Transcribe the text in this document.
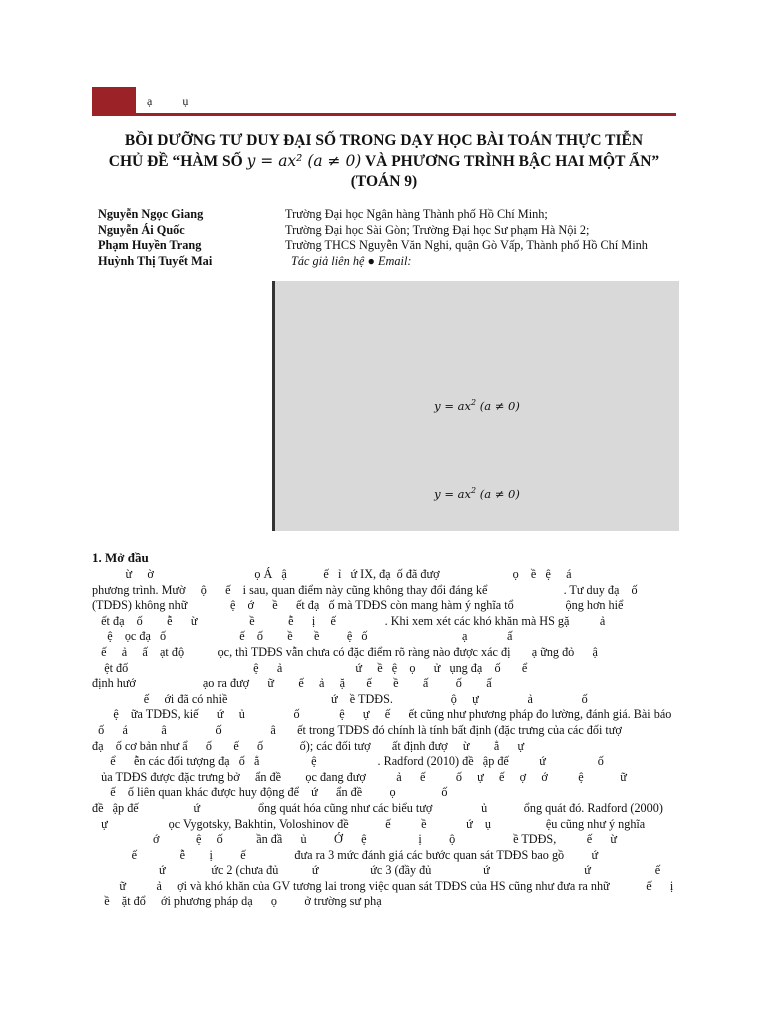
ạ          ụ
BỒI DƯỠNG TƯ DUY ĐẠI SỐ TRONG DẠY HỌC BÀI TOÁN THỰC TIỄN
CHỦ ĐỀ “HÀM SỐ y = ax² (a ≠ 0) VÀ PHƯƠNG TRÌNH BẬC HAI MỘT ẨN”
(TOÁN 9)
Nguyễn Ngọc Giang	Trường Đại học Ngân hàng Thành phố Hồ Chí Minh;
Nguyễn Ái Quốc	Trường Đại học Sài Gòn; Trường Đại học Sư phạm Hà Nội 2;
Phạm Huyền Trang	Trường THCS Nguyễn Văn Nghi, quận Gò Vấp, Thành phố Hồ Chí Minh
Huỳnh Thị Tuyết Mai	Tác giả liên hệ ● Email:
$y = ax^2$ (a ≠ 0)
$y = ax^2$ (a ≠ 0)
1. Mở đầu
ừ     ờ                                 ọ Á   ậ            ế   ỉ   ứ IX, đạ  ố đã đượ                        ọ    ề   ệ     á
phương trình. Mườ     ộ      ế    i sau, quan điểm này cũng không thay đổi đáng kể                         . Tư duy đạ    ố
(TDĐS) không nhữ              ệ    ớ      ề      ết đạ   ố mà TDĐS còn mang hàm ý nghĩa tổ                 ộng hơn hiể
ết đạ    ố        ễ      ừ                 ề           ễ      ị     ế                . Khi xem xét các khó khăn mà HS gặ          ả
ệ    ọc đạ   ố                        ế    ố        ề       ề         ệ   ố                               ạ             ấ
ế     ả     ấ    ạt độ           ọc, thì TDĐS vẫn chưa có đặc điểm rõ ràng nào được xác đị       ạ ững đỏ      ậ
ệt đố                                         ệ      ả                        ứ     ề   ệ    ọ      ử   ụng đạ    ố       ể
định hướ                      ạo ra đượ      ữ        ế     ả     ặ       ế       ề        ấ         ố        ấ
ế     ới đã có nhiề                                  ứ    ề TDĐS.                   ộ     ự                ả                ố
ệ    ữa TDĐS, kiế      ứ     ủ                ố             ệ      ự     ế      ết cũng như phương pháp đo lường, đánh giá. Bài báo
ố      á           â                ố                â       ết trong TDĐS đó chính là tính bất định (đặc trưng của các đối tượ
đạ    ố cơ bản như ẩ      ố       ế      ố            ố); các đối tượ       ất định đượ     ừ        ẳ      ự
ể      ễn các đối tượng đạ   ố   ẳ                 ệ                    . Radford (2010) đề   ập đế          ứ                 ố
ủa TDĐS được đặc trưng bở     ẩn đề        ọc đang đượ          ả      ế          ố     ự     ế     ợ     ớ          ệ            ữ
ế    ố liên quan khác được huy động để    ứ      ẩn đề         ọ               ố
đề   ập đế                  ứ                   ổng quát hóa cũng như các biểu tượ                ủ            ổng quát đó. Radford (2000)
ự                    ọc Vygotsky, Bakhtin, Voloshinov đề            ế          ề             ứ    ụ                  ệu cũng như ý nghĩa
ớ            ệ     ố           ần đầ      ủ         Ớ      ệ                 ị         ộ                   ề TDĐS,          ế      ừ
ế              ễ        ị         ế                đưa ra 3 mức đánh giá các bước quan sát TDĐS bao gồ         ứ
ứ               ức 2 (chưa đủ           ứ                 ức 3 (đầy đủ                 ứ                               ứ                     ế
ữ          ả     ợi và khó khăn của GV tương lai trong việc quan sát TDĐS của HS cũng như đưa ra nhữ            ế      ị
ề    ặt đổ     ới phương pháp dạ      ọ         ở trường sư phạ
